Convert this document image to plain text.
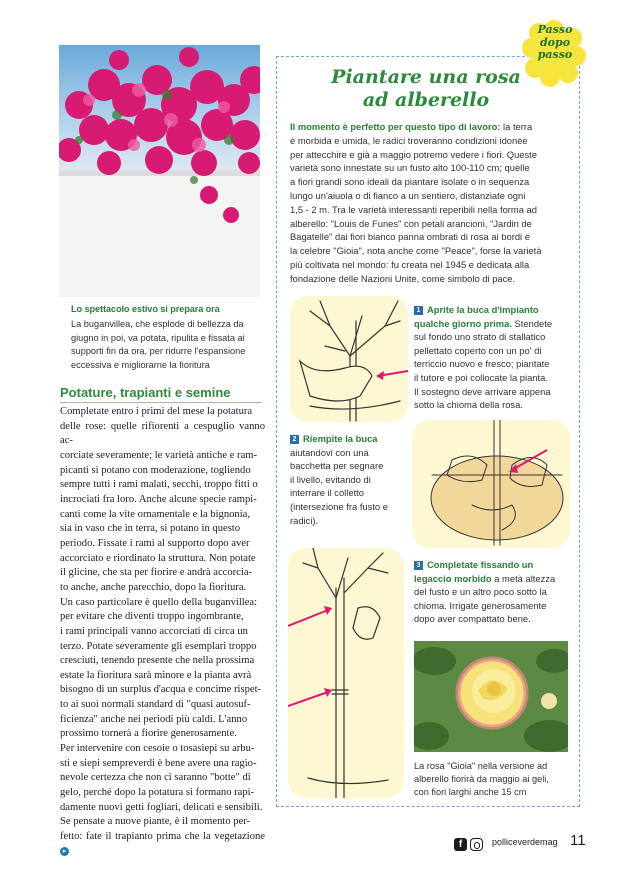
Lo spettacolo estivo si prepara ora
La buganvillea, che esplode di bellezza da
giugno in poi, va potata, ripulita e fissata ai
supporti fin da ora, per ridurre l'espansione
eccessiva e migliorarne la fioritura
Potature, trapianti e semine
Completate entro i primi del mese la potatura
delle rose: quelle rifiorenti a cespuglio vanno ac-
corciate severamente; le varietà antiche e ram-
picanti si potano con moderazione, togliendo
sempre tutti i rami malati, secchi, troppo fitti o
incrociati fra loro. Anche alcune specie rampi-
canti come la vite ornamentale e la bignonia,
sia in vaso che in terra, si potano in questo
periodo. Fissate i rami al supporto dopo aver
accorciato e riordinato la struttura. Non potate
il glicine, che sta per fiorire e andrà accorcia-
to anche, anche parecchio, dopo la fioritura.
Un caso particolare è quello della buganvillea:
per evitare che diventi troppo ingombrante,
i rami principali vanno accorciati di circa un
terzo. Potate severamente gli esemplari troppo
cresciuti, tenendo presente che nella prossima
estate la fioritura sarà minore e la pianta avrà
bisogno di un surplus d'acqua e concime rispet-
to ai suoi normali standard di "quasi autosuf-
ficienza" anche nei periodi più caldi. L'anno
prossimo tornerà a fiorire generosamente.
Per intervenire con cesoie o tosasiepi su arbu-
sti e siepi sempreverdi è bene avere una ragio-
nevole certezza che non ci saranno "botte" di
gelo, perché dopo la potatura si formano rapi-
damente nuovi getti fogliari, delicati e sensibili.
Se pensate a nuove piante, è il momento per-
fetto: fate il trapianto prima che la vegetazione ▸
Passo
dopo
passo
Piantare una rosa
ad alberello
Il momento è perfetto per questo tipo di lavoro: la terra
è morbida e umida, le radici troveranno condizioni idonee
per attecchire e già a maggio potremo vedere i fiori. Queste
varietà sono innestate su un fusto alto 100-110 cm; quelle
a fiori grandi sono ideali da piantare isolate o in sequenza
lungo un'aiuola o di fianco a un sentiero, distanziate ogni
1,5 - 2 m. Tra le varietà interessanti reperibili nella forma ad
alberello: "Louis de Funes" con petali arancioni, "Jardin de
Bagatelle" dai fiori bianco panna ombrati di rosa ai bordi e
la celebre "Gioia", nota anche come "Peace", forse la varietà
più coltivata nel mondo: fu creata nel 1945 e dedicata alla
fondazione delle Nazioni Unite, come simbolo di pace.
1 Aprite la buca d'impianto
qualche giorno prima. Stendete
sul fondo uno strato di stallatico
pellettato coperto con un po' di
terriccio nuovo e fresco; piantate
il tutore e poi collocate la pianta.
Il sostegno deve arrivare appena
sotto la chioma della rosa.
2 Riempite la buca
aiutandovi con una
bacchetta per segnare
il livello, evitando di
interrare il colletto
(intersezione fra fusto e
radici).
3 Completate fissando un
legaccio morbido a metà altezza
del fusto e un altro poco sotto la
chioma. Irrigate generosamente
dopo aver compattato bene.
La rosa "Gioia" nella versione ad
alberello fiorirà da maggio ai geli,
con fiori larghi anche 15 cm
f	polliceverdemag 11
